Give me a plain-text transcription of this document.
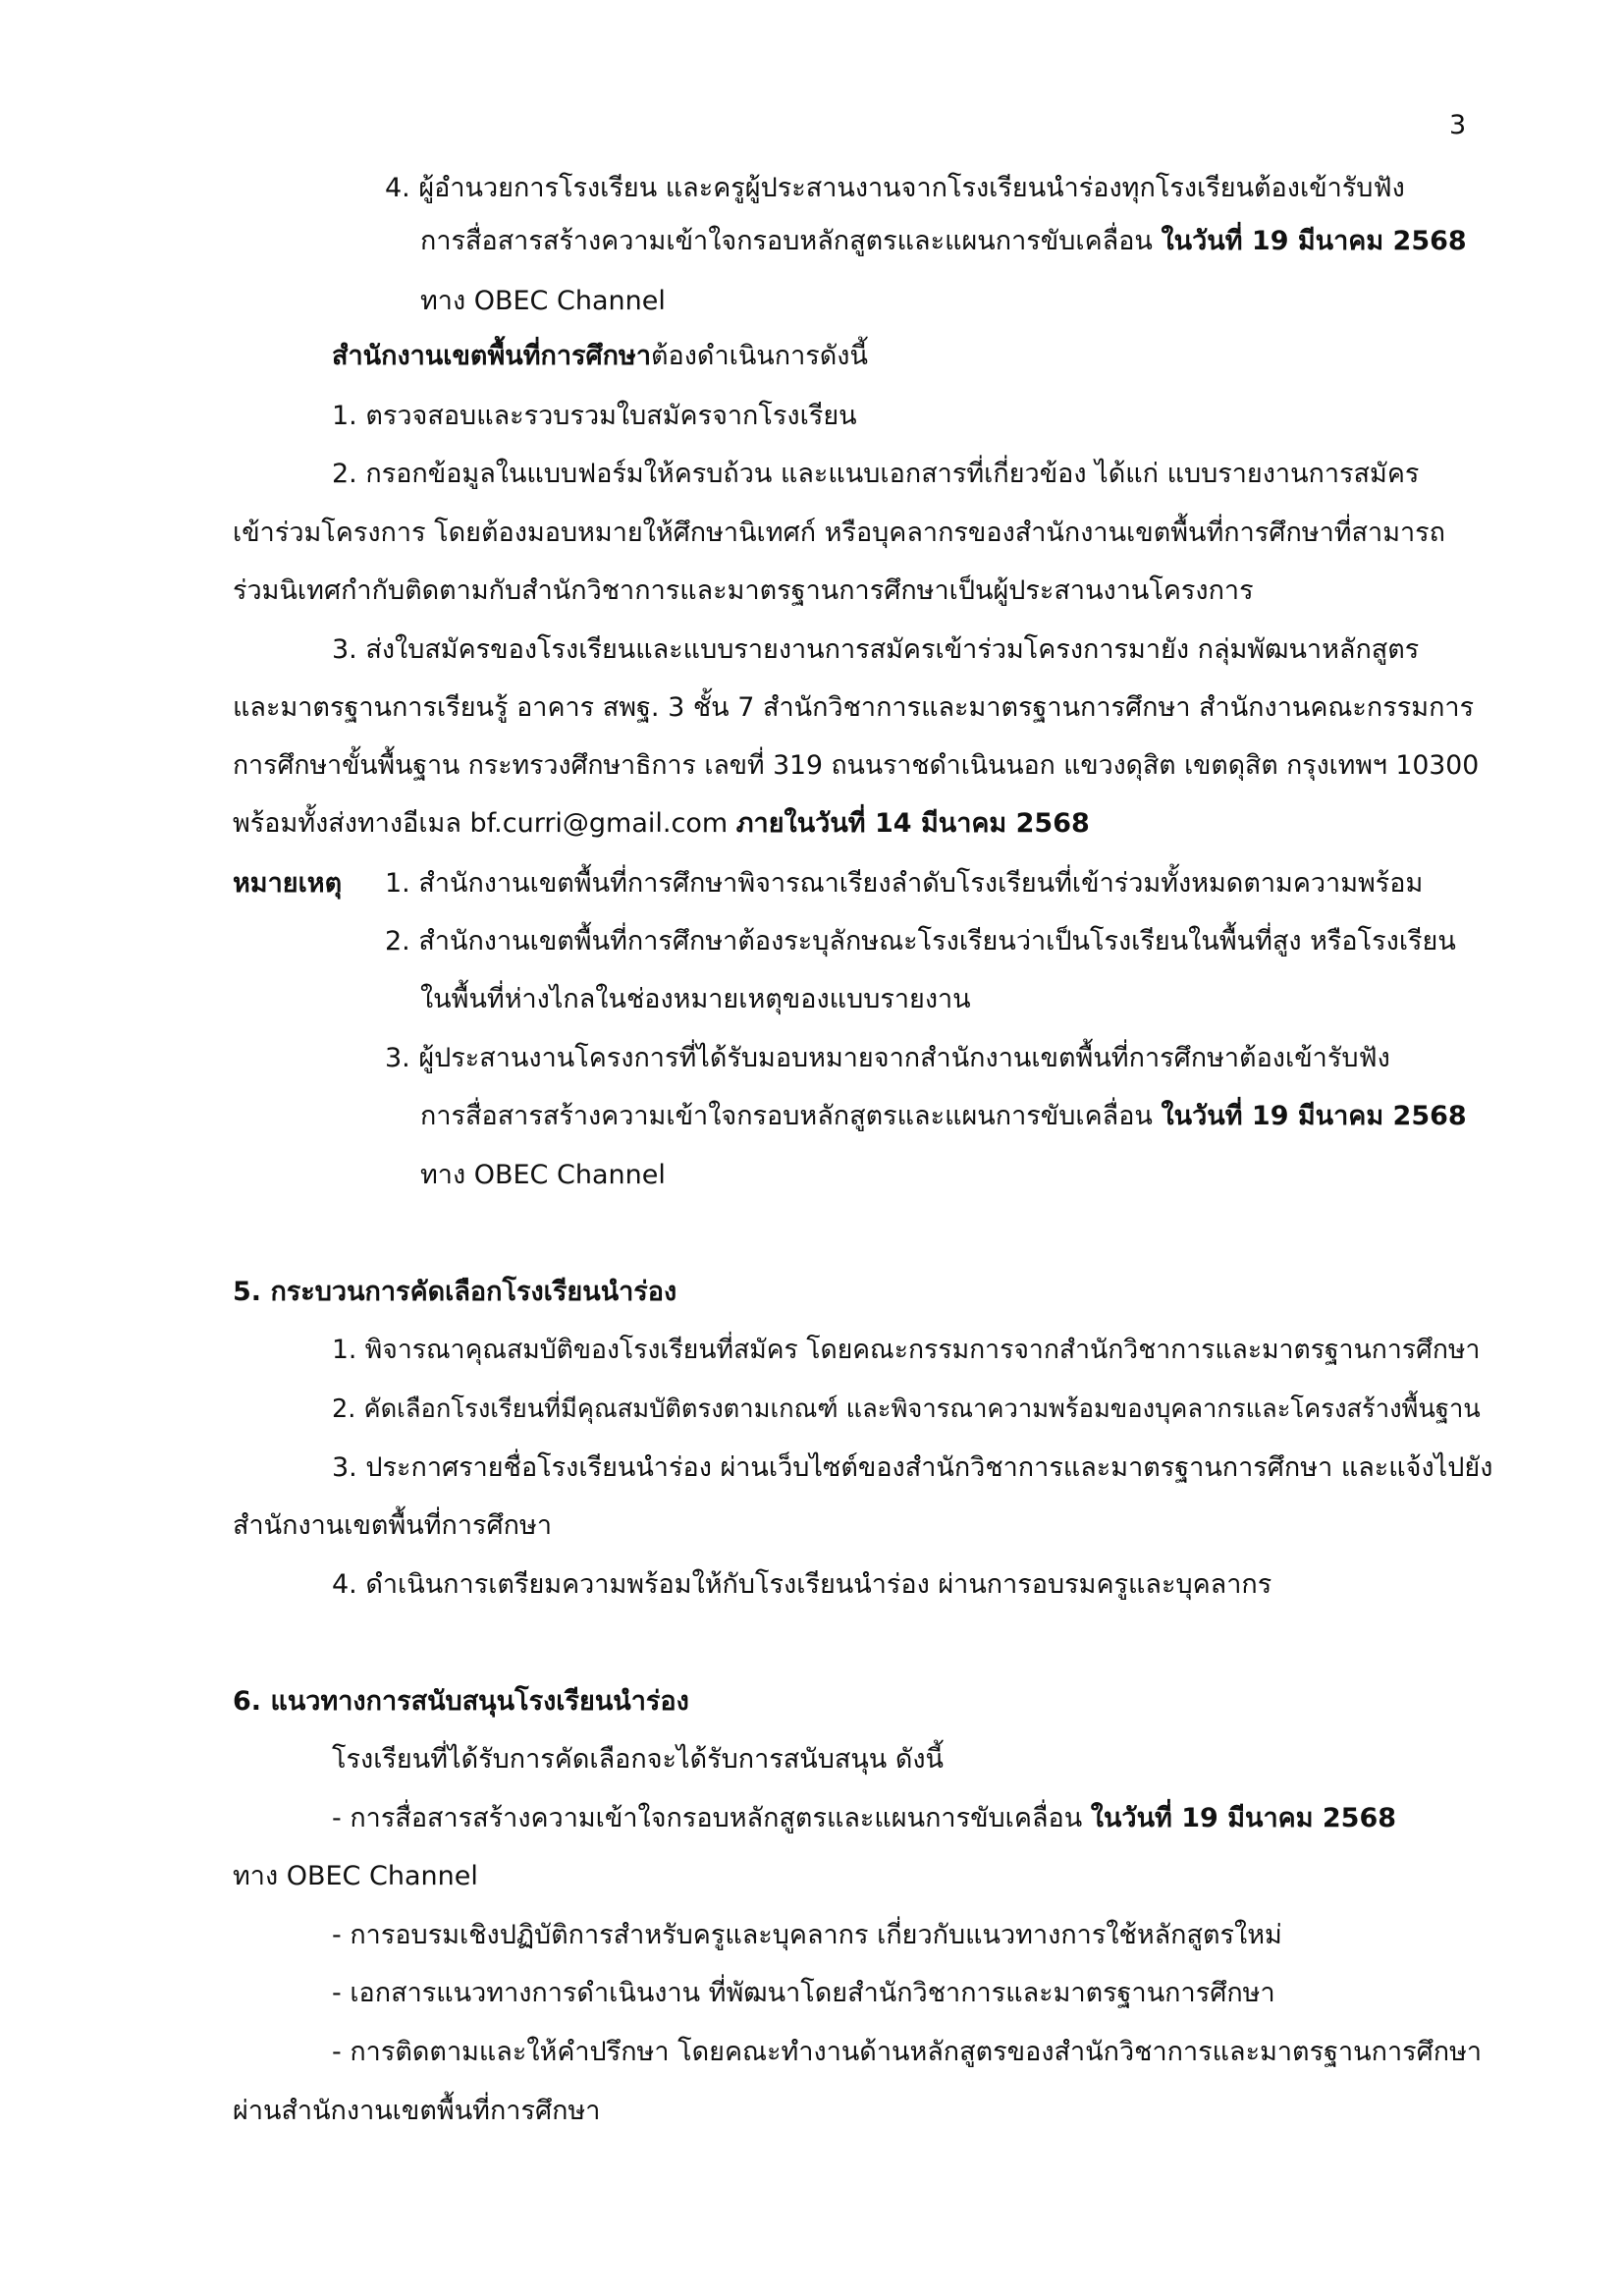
3
4. ผู้อำนวยการโรงเรียน และครูผู้ประสานงานจากโรงเรียนนำร่องทุกโรงเรียนต้องเข้ารับฟัง
การสื่อสารสร้างความเข้าใจกรอบหลักสูตรและแผนการขับเคลื่อน ในวันที่ 19 มีนาคม 2568
ทาง OBEC Channel
สำนักงานเขตพื้นที่การศึกษาต้องดำเนินการดังนี้
1. ตรวจสอบและรวบรวมใบสมัครจากโรงเรียน
2. กรอกข้อมูลในแบบฟอร์มให้ครบถ้วน และแนบเอกสารที่เกี่ยวข้อง ได้แก่ แบบรายงานการสมัคร
เข้าร่วมโครงการ โดยต้องมอบหมายให้ศึกษานิเทศก์ หรือบุคลากรของสำนักงานเขตพื้นที่การศึกษาที่สามารถ
ร่วมนิเทศกำกับติดตามกับสำนักวิชาการและมาตรฐานการศึกษาเป็นผู้ประสานงานโครงการ
3. ส่งใบสมัครของโรงเรียนและแบบรายงานการสมัครเข้าร่วมโครงการมายัง กลุ่มพัฒนาหลักสูตร
และมาตรฐานการเรียนรู้ อาคาร สพฐ. 3 ชั้น 7 สำนักวิชาการและมาตรฐานการศึกษา สำนักงานคณะกรรมการ
การศึกษาขั้นพื้นฐาน กระทรวงศึกษาธิการ เลขที่ 319 ถนนราชดำเนินนอก แขวงดุสิต เขตดุสิต กรุงเทพฯ 10300
พร้อมทั้งส่งทางอีเมล bf.curri@gmail.com ภายในวันที่ 14 มีนาคม 2568
หมายเหตุ 1. สำนักงานเขตพื้นที่การศึกษาพิจารณาเรียงลำดับโรงเรียนที่เข้าร่วมทั้งหมดตามความพร้อม
2. สำนักงานเขตพื้นที่การศึกษาต้องระบุลักษณะโรงเรียนว่าเป็นโรงเรียนในพื้นที่สูง หรือโรงเรียน
ในพื้นที่ห่างไกลในช่องหมายเหตุของแบบรายงาน
3. ผู้ประสานงานโครงการที่ได้รับมอบหมายจากสำนักงานเขตพื้นที่การศึกษาต้องเข้ารับฟัง
การสื่อสารสร้างความเข้าใจกรอบหลักสูตรและแผนการขับเคลื่อน ในวันที่ 19 มีนาคม 2568
ทาง OBEC Channel
5. กระบวนการคัดเลือกโรงเรียนนำร่อง
1. พิจารณาคุณสมบัติของโรงเรียนที่สมัคร โดยคณะกรรมการจากสำนักวิชาการและมาตรฐานการศึกษา
2. คัดเลือกโรงเรียนที่มีคุณสมบัติตรงตามเกณฑ์ และพิจารณาความพร้อมของบุคลากรและโครงสร้างพื้นฐาน
3. ประกาศรายชื่อโรงเรียนนำร่อง ผ่านเว็บไซต์ของสำนักวิชาการและมาตรฐานการศึกษา และแจ้งไปยัง
สำนักงานเขตพื้นที่การศึกษา
4. ดำเนินการเตรียมความพร้อมให้กับโรงเรียนนำร่อง ผ่านการอบรมครูและบุคลากร
6. แนวทางการสนับสนุนโรงเรียนนำร่อง
โรงเรียนที่ได้รับการคัดเลือกจะได้รับการสนับสนุน ดังนี้
- การสื่อสารสร้างความเข้าใจกรอบหลักสูตรและแผนการขับเคลื่อน ในวันที่ 19 มีนาคม 2568
ทาง OBEC Channel
- การอบรมเชิงปฏิบัติการสำหรับครูและบุคลากร เกี่ยวกับแนวทางการใช้หลักสูตรใหม่
- เอกสารแนวทางการดำเนินงาน ที่พัฒนาโดยสำนักวิชาการและมาตรฐานการศึกษา
- การติดตามและให้คำปรึกษา โดยคณะทำงานด้านหลักสูตรของสำนักวิชาการและมาตรฐานการศึกษา
ผ่านสำนักงานเขตพื้นที่การศึกษา
